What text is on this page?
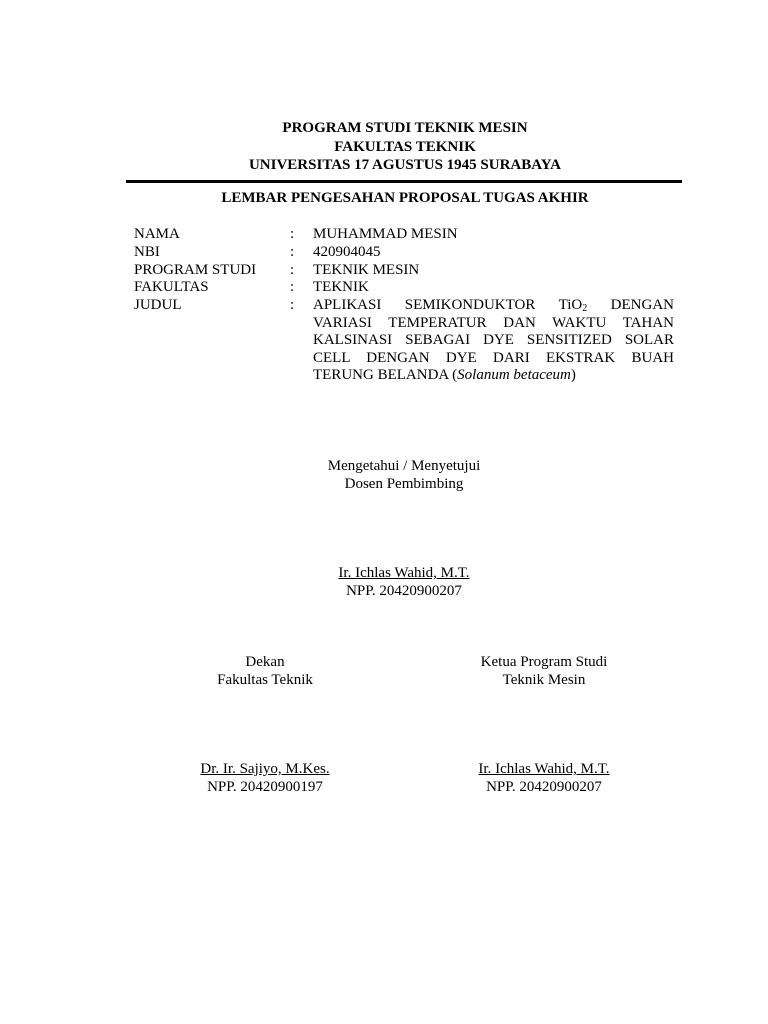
PROGRAM STUDI TEKNIK MESIN
FAKULTAS TEKNIK
UNIVERSITAS 17 AGUSTUS 1945 SURABAYA
LEMBAR PENGESAHAN PROPOSAL TUGAS AKHIR
NAMA	: MUHAMMAD MESIN
NBI	: 420904045
PROGRAM STUDI : TEKNIK MESIN
FAKULTAS	: TEKNIK
JUDUL	: APLIKASI SEMIKONDUKTOR TiO$_2$ DENGAN
VARIASI TEMPERATUR DAN WAKTU TAHAN
KALSINASI SEBAGAI DYE SENSITIZED SOLAR
CELL DENGAN DYE DARI EKSTRAK BUAH
TERUNG BELANDA (Solanum betaceum)
Mengetahui / Menyetujui
Dosen Pembimbing
Ir. Ichlas Wahid, M.T.
NPP. 20420900207
Dekan
Fakultas Teknik
Dr. Ir. Sajiyo, M.Kes.
NPP. 20420900197
Ketua Program Studi
Teknik Mesin
Ir. Ichlas Wahid, M.T.
NPP. 20420900207
